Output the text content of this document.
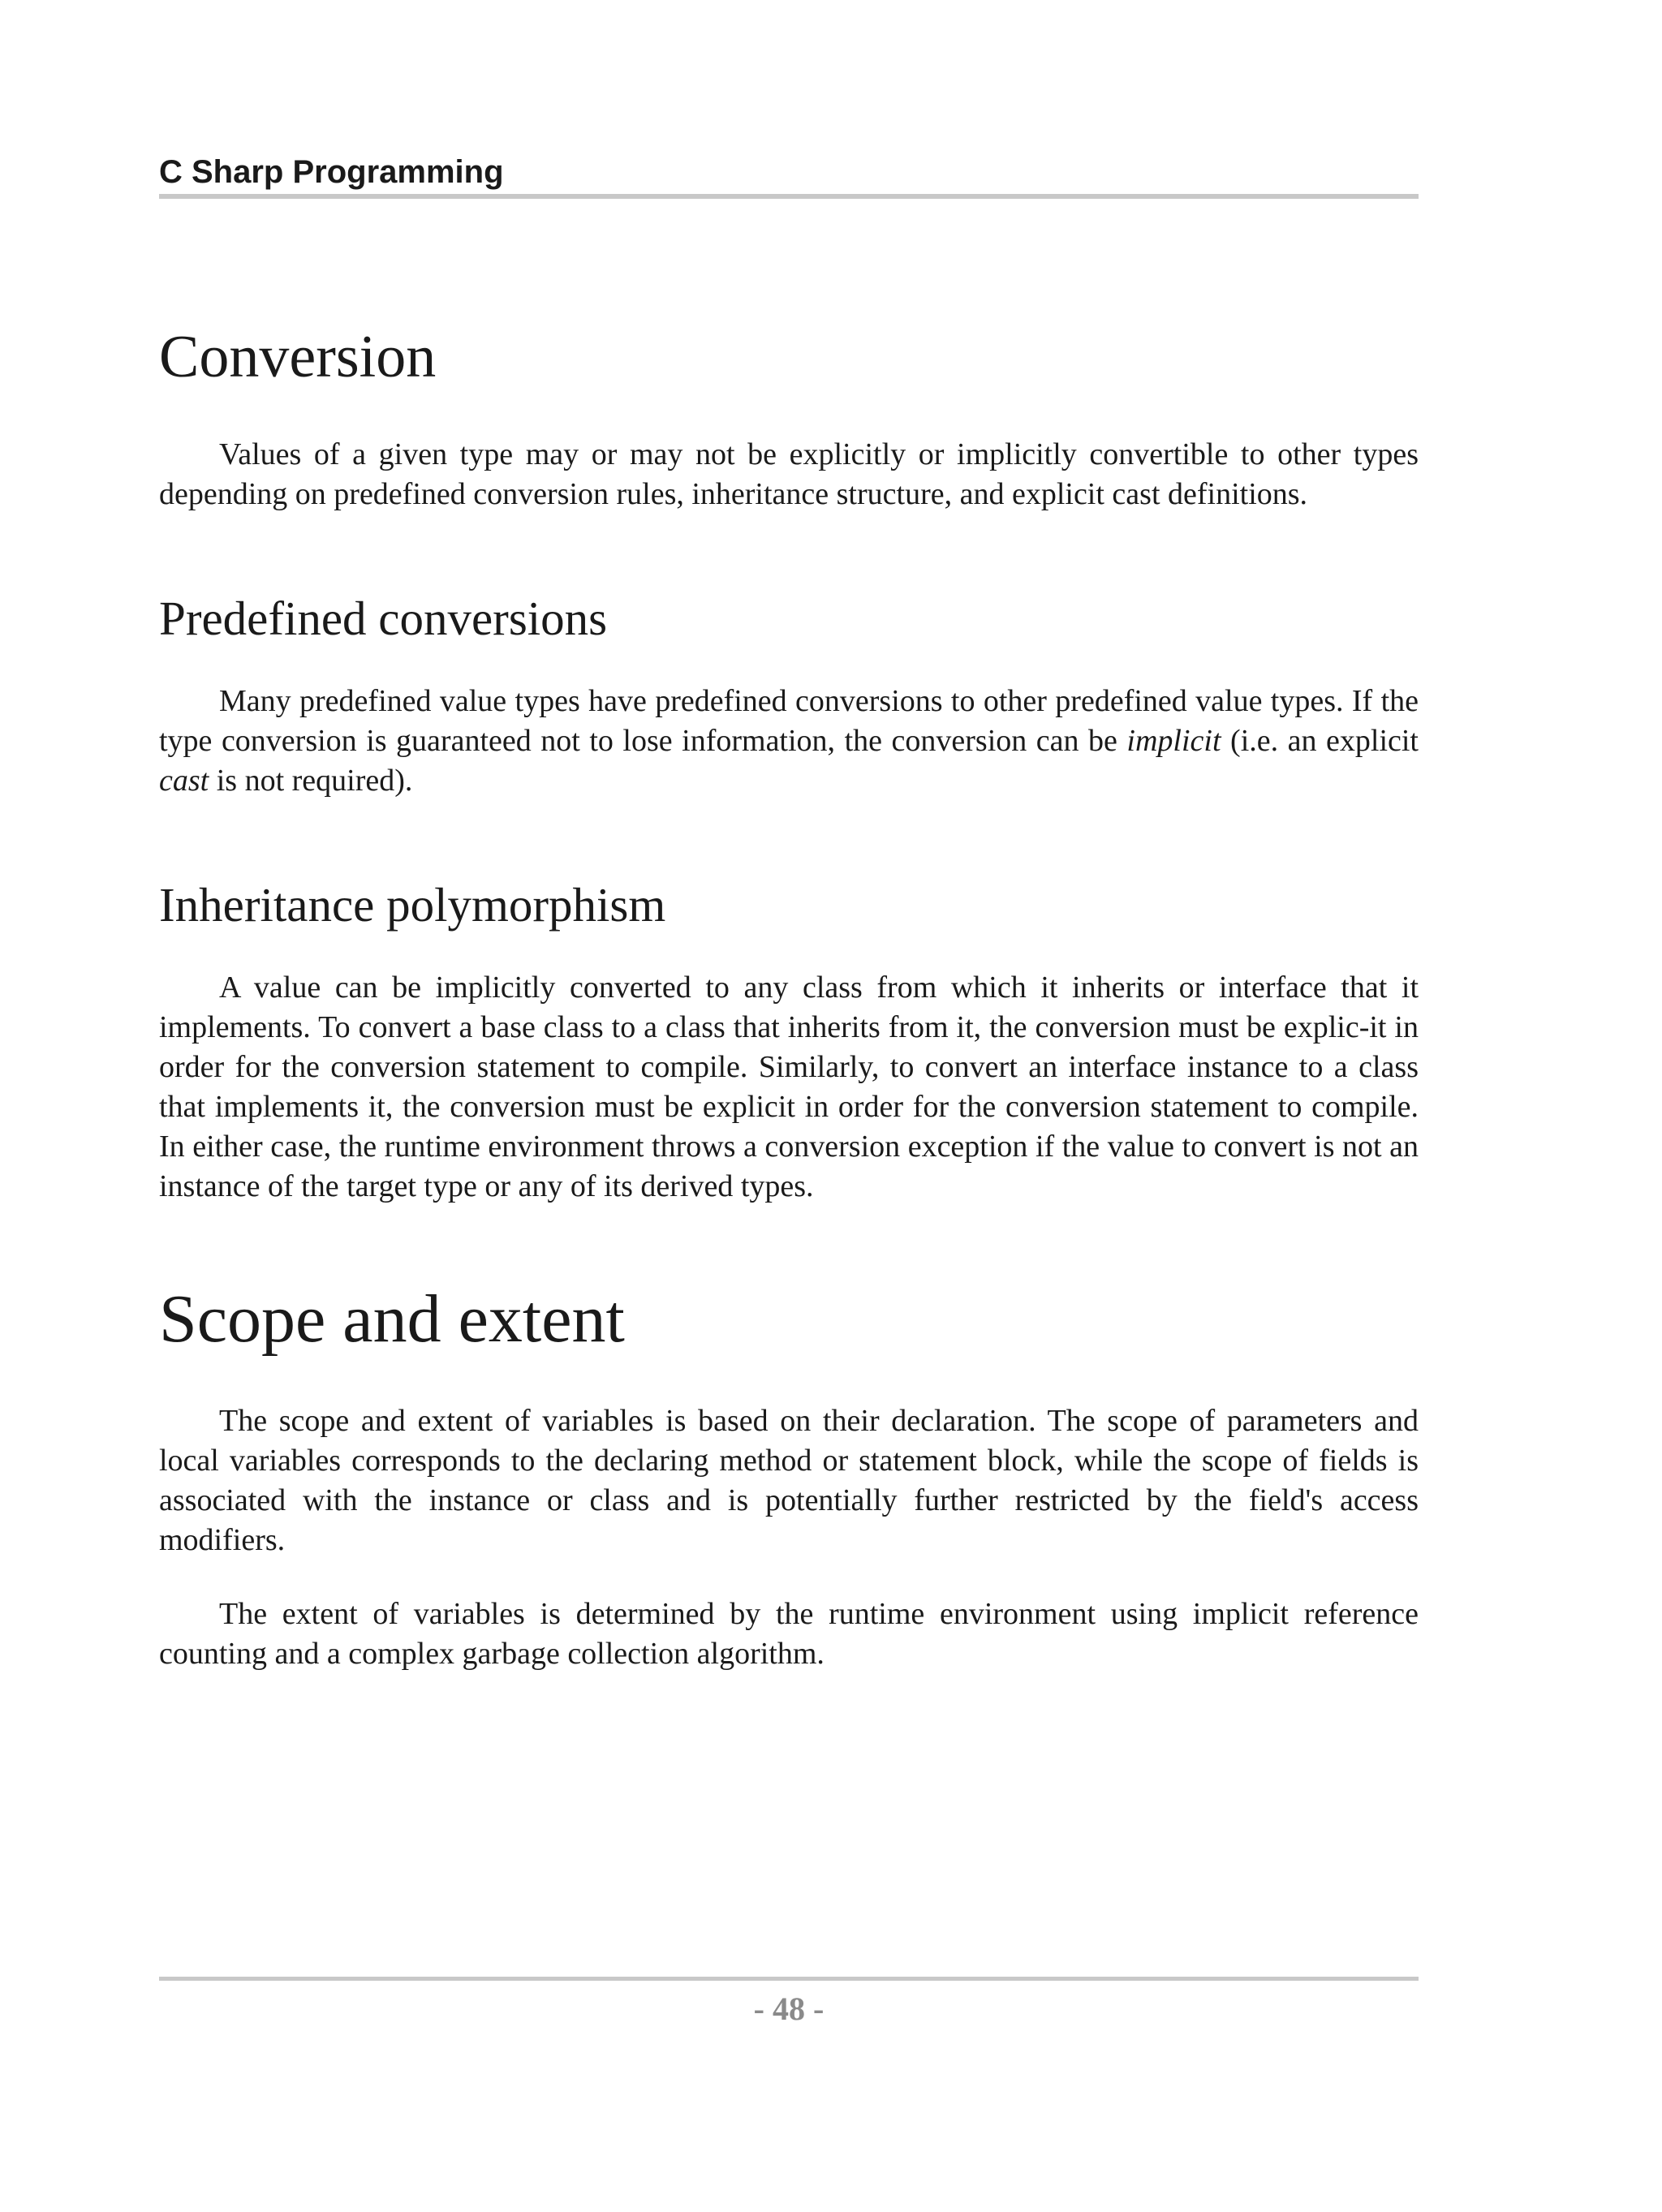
C Sharp Programming
Conversion

Values of a given type may or may not be explicitly or implicitly convertible to other types depending on predefined conversion rules, inheritance structure, and explicit cast definitions.

Predefined conversions

Many predefined value types have predefined conversions to other predefined value types. If the type conversion is guaranteed not to lose information, the conversion can be implicit (i.e. an explicit cast is not required).

Inheritance polymorphism

A value can be implicitly converted to any class from which it inherits or interface that it implements. To convert a base class to a class that inherits from it, the conversion must be explic-it in order for the conversion statement to compile. Similarly, to convert an interface instance to a class that implements it, the conversion must be explicit in order for the conversion statement to compile. In either case, the runtime environment throws a conversion exception if the value to convert is not an instance of the target type or any of its derived types.

Scope and extent

The scope and extent of variables is based on their declaration. The scope of parameters and local variables corresponds to the declaring method or statement block, while the scope of fields is associated with the instance or class and is potentially further restricted by the field's access modifiers.

The extent of variables is determined by the runtime environment using implicit reference counting and a complex garbage collection algorithm.

- 48 -
